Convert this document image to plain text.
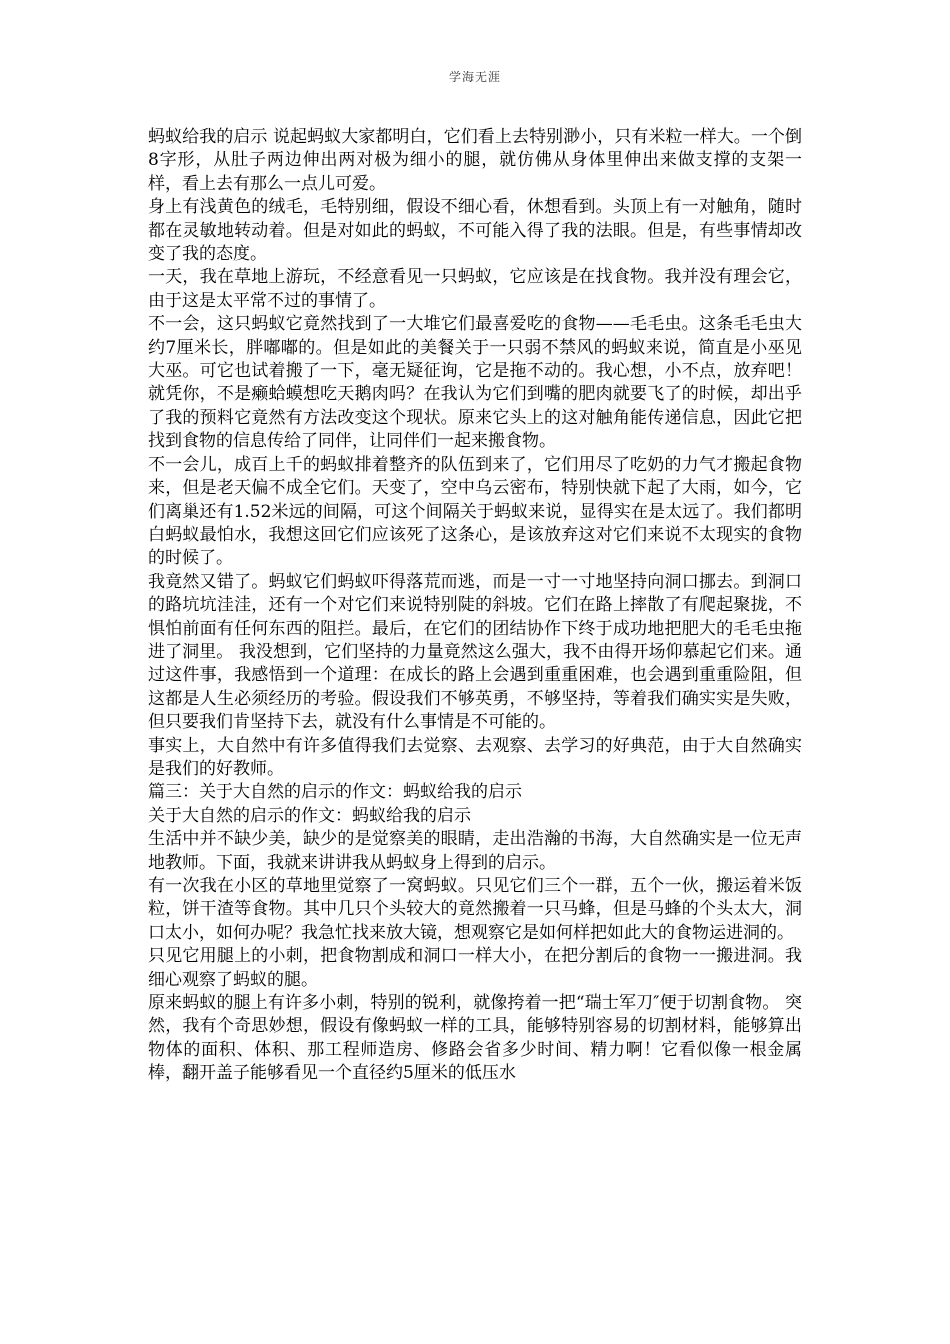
学海无涯

蚂蚁给我的启示 说起蚂蚁大家都明白，它们看上去特别渺小，只有米粒一样大。一个倒8字形，从肚子两边伸出两对极为细小的腿，就仿佛从身体里伸出来做支撑的支架一样，看上去有那么一点儿可爱。

身上有浅黄色的绒毛，毛特别细，假设不细心看，休想看到。头顶上有一对触角，随时都在灵敏地转动着。但是对如此的蚂蚁，不可能入得了我的法眼。但是，有些事情却改变了我的态度。

一天，我在草地上游玩，不经意看见一只蚂蚁，它应该是在找食物。我并没有理会它，由于这是太平常不过的事情了。

不一会，这只蚂蚁它竟然找到了一大堆它们最喜爱吃的食物——毛毛虫。这条毛毛虫大约7厘米长，胖嘟嘟的。但是如此的美餐关于一只弱不禁风的蚂蚁来说，简直是小巫见大巫。可它也试着搬了一下，毫无疑征询，它是拖不动的。我心想，小不点，放弃吧！就凭你，不是癞蛤蟆想吃天鹅肉吗？在我认为它们到嘴的肥肉就要飞了的时候，却出乎了我的预料它竟然有方法改变这个现状。原来它头上的这对触角能传递信息，因此它把找到食物的信息传给了同伴，让同伴们一起来搬食物。

不一会儿，成百上千的蚂蚁排着整齐的队伍到来了，它们用尽了吃奶的力气才搬起食物来，但是老天偏不成全它们。天变了，空中乌云密布，特别快就下起了大雨，如今，它们离巢还有1.52米远的间隔，可这个间隔关于蚂蚁来说，显得实在是太远了。我们都明白蚂蚁最怕水，我想这回它们应该死了这条心，是该放弃这对它们来说不太现实的食物的时候了。

我竟然又错了。蚂蚁它们蚂蚁吓得落荒而逃，而是一寸一寸地坚持向洞口挪去。到洞口的路坑坑洼洼，还有一个对它们来说特别陡的斜坡。它们在路上摔散了有爬起聚拢，不惧怕前面有任何东西的阻拦。最后，在它们的团结协作下终于成功地把肥大的毛毛虫拖进了洞里。 我没想到，它们坚持的力量竟然这么强大，我不由得开场仰慕起它们来。通过这件事，我感悟到一个道理：在成长的路上会遇到重重困难，也会遇到重重险阻，但这都是人生必须经历的考验。假设我们不够英勇，不够坚持，等着我们确实实是失败，但只要我们肯坚持下去，就没有什么事情是不可能的。

事实上，大自然中有许多值得我们去觉察、去观察、去学习的好典范，由于大自然确实是我们的好教师。

篇三：关于大自然的启示的作文：蚂蚁给我的启示

关于大自然的启示的作文：蚂蚁给我的启示

生活中并不缺少美，缺少的是觉察美的眼睛，走出浩瀚的书海，大自然确实是一位无声地教师。下面，我就来讲讲我从蚂蚁身上得到的启示。

有一次我在小区的草地里觉察了一窝蚂蚁。只见它们三个一群，五个一伙，搬运着米饭粒，饼干渣等食物。其中几只个头较大的竟然搬着一只马蜂，但是马蜂的个头太大，洞口太小，如何办呢？我急忙找来放大镜，想观察它是如何样把如此大的食物运进洞的。

只见它用腿上的小刺，把食物割成和洞口一样大小，在把分割后的食物一一搬进洞。我细心观察了蚂蚁的腿。

原来蚂蚁的腿上有许多小刺，特别的锐利，就像挎着一把“瑞士军刀″便于切割食物。 突然，我有个奇思妙想，假设有像蚂蚁一样的工具，能够特别容易的切割材料，能够算出物体的面积、体积、那工程师造房、修路会省多少时间、精力啊！它看似像一根金属棒，翻开盖子能够看见一个直径约5厘米的低压水
